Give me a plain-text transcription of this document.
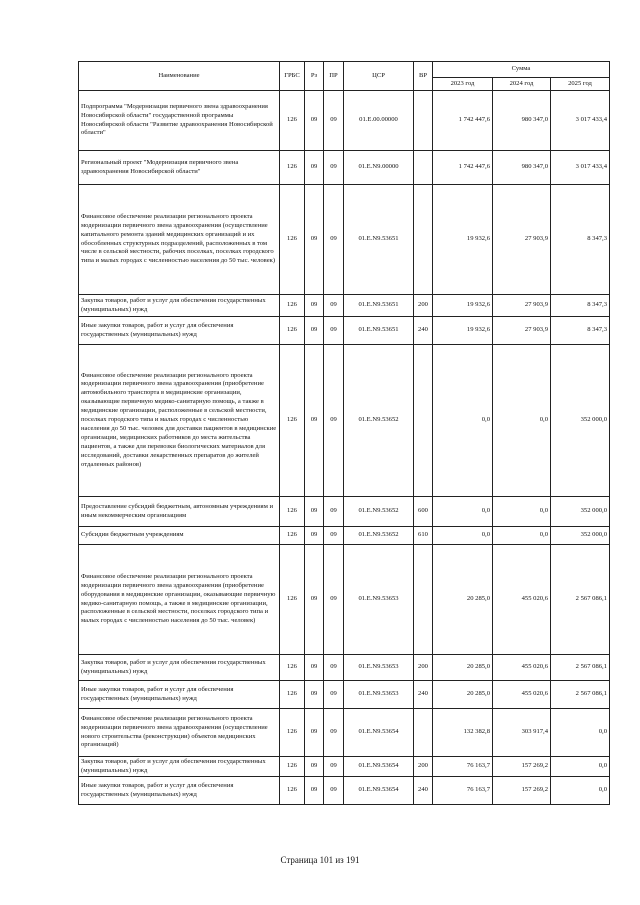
Наименование	ГРБС	Рз	ПР	ЦСР	ВР	Сумма		
						2023 год	2024 год	2025 год
Подпрограмма "Модернизация первичного звена здравоохранения Новосибирской области" государственной программы Новосибирской области "Развитие здравоохранения Новосибирской области"	126	09	09	01.Е.00.00000		1 742 447,6	980 347,0	3 017 433,4
Региональный проект "Модернизация первичного звена здравоохранения Новосибирской области"	126	09	09	01.Е.N9.00000		1 742 447,6	980 347,0	3 017 433,4
Финансовое обеспечение реализации регионального проекта модернизации первичного звена здравоохранения (осуществление капитального ремонта зданий медицинских организаций и их обособленных структурных подразделений, расположенных в том числе в сельской местности, рабочих поселках, поселках городского типа и малых городах с численностью населения до 50 тыс. человек)	126	09	09	01.Е.N9.53651		19 932,6	27 903,9	8 347,3
Закупка товаров, работ и услуг для обеспечения государственных (муниципальных) нужд	126	09	09	01.Е.N9.53651	200	19 932,6	27 903,9	8 347,3
Иные закупки товаров, работ и услуг для обеспечения государственных (муниципальных) нужд	126	09	09	01.Е.N9.53651	240	19 932,6	27 903,9	8 347,3
Финансовое обеспечение реализации регионального проекта модернизации первичного звена здравоохранения (приобретение автомобильного транспорта в медицинские организации, оказывающие первичную медико-санитарную помощь, а также в медицинские организации, расположенные в сельской местности, поселках городского типа и малых городах с численностью населения до 50 тыс. человек для доставки пациентов в медицинские организации, медицинских работников до места жительства пациентов, а также для перевозки биологических материалов для исследований, доставки лекарственных препаратов до жителей отдаленных районов)	126	09	09	01.Е.N9.53652		0,0	0,0	352 000,0
Предоставление субсидий бюджетным, автономным учреждениям и иным некоммерческим организациям	126	09	09	01.Е.N9.53652	600	0,0	0,0	352 000,0
Субсидии бюджетным учреждениям	126	09	09	01.Е.N9.53652	610	0,0	0,0	352 000,0
Финансовое обеспечение реализации регионального проекта модернизации первичного звена здравоохранения (приобретение оборудования в медицинские организации, оказывающие первичную медико-санитарную помощь, а также в медицинские организации, расположенные в сельской местности, поселках городского типа и малых городах с численностью населения до 50 тыс. человек)	126	09	09	01.Е.N9.53653		20 285,0	455 020,6	2 567 086,1
Закупка товаров, работ и услуг для обеспечения государственных (муниципальных) нужд	126	09	09	01.Е.N9.53653	200	20 285,0	455 020,6	2 567 086,1
Иные закупки товаров, работ и услуг для обеспечения государственных (муниципальных) нужд	126	09	09	01.Е.N9.53653	240	20 285,0	455 020,6	2 567 086,1
Финансовое обеспечение реализации регионального проекта модернизации первичного звена здравоохранения (осуществление нового строительства (реконструкции) объектов медицинских организаций)	126	09	09	01.Е.N9.53654		132 382,8	303 917,4	0,0
Закупка товаров, работ и услуг для обеспечения государственных (муниципальных) нужд	126	09	09	01.Е.N9.53654	200	76 163,7	157 269,2	0,0
Иные закупки товаров, работ и услуг для обеспечения государственных (муниципальных) нужд	126	09	09	01.Е.N9.53654	240	76 163,7	157 269,2	0,0
Страница 101 из 191
